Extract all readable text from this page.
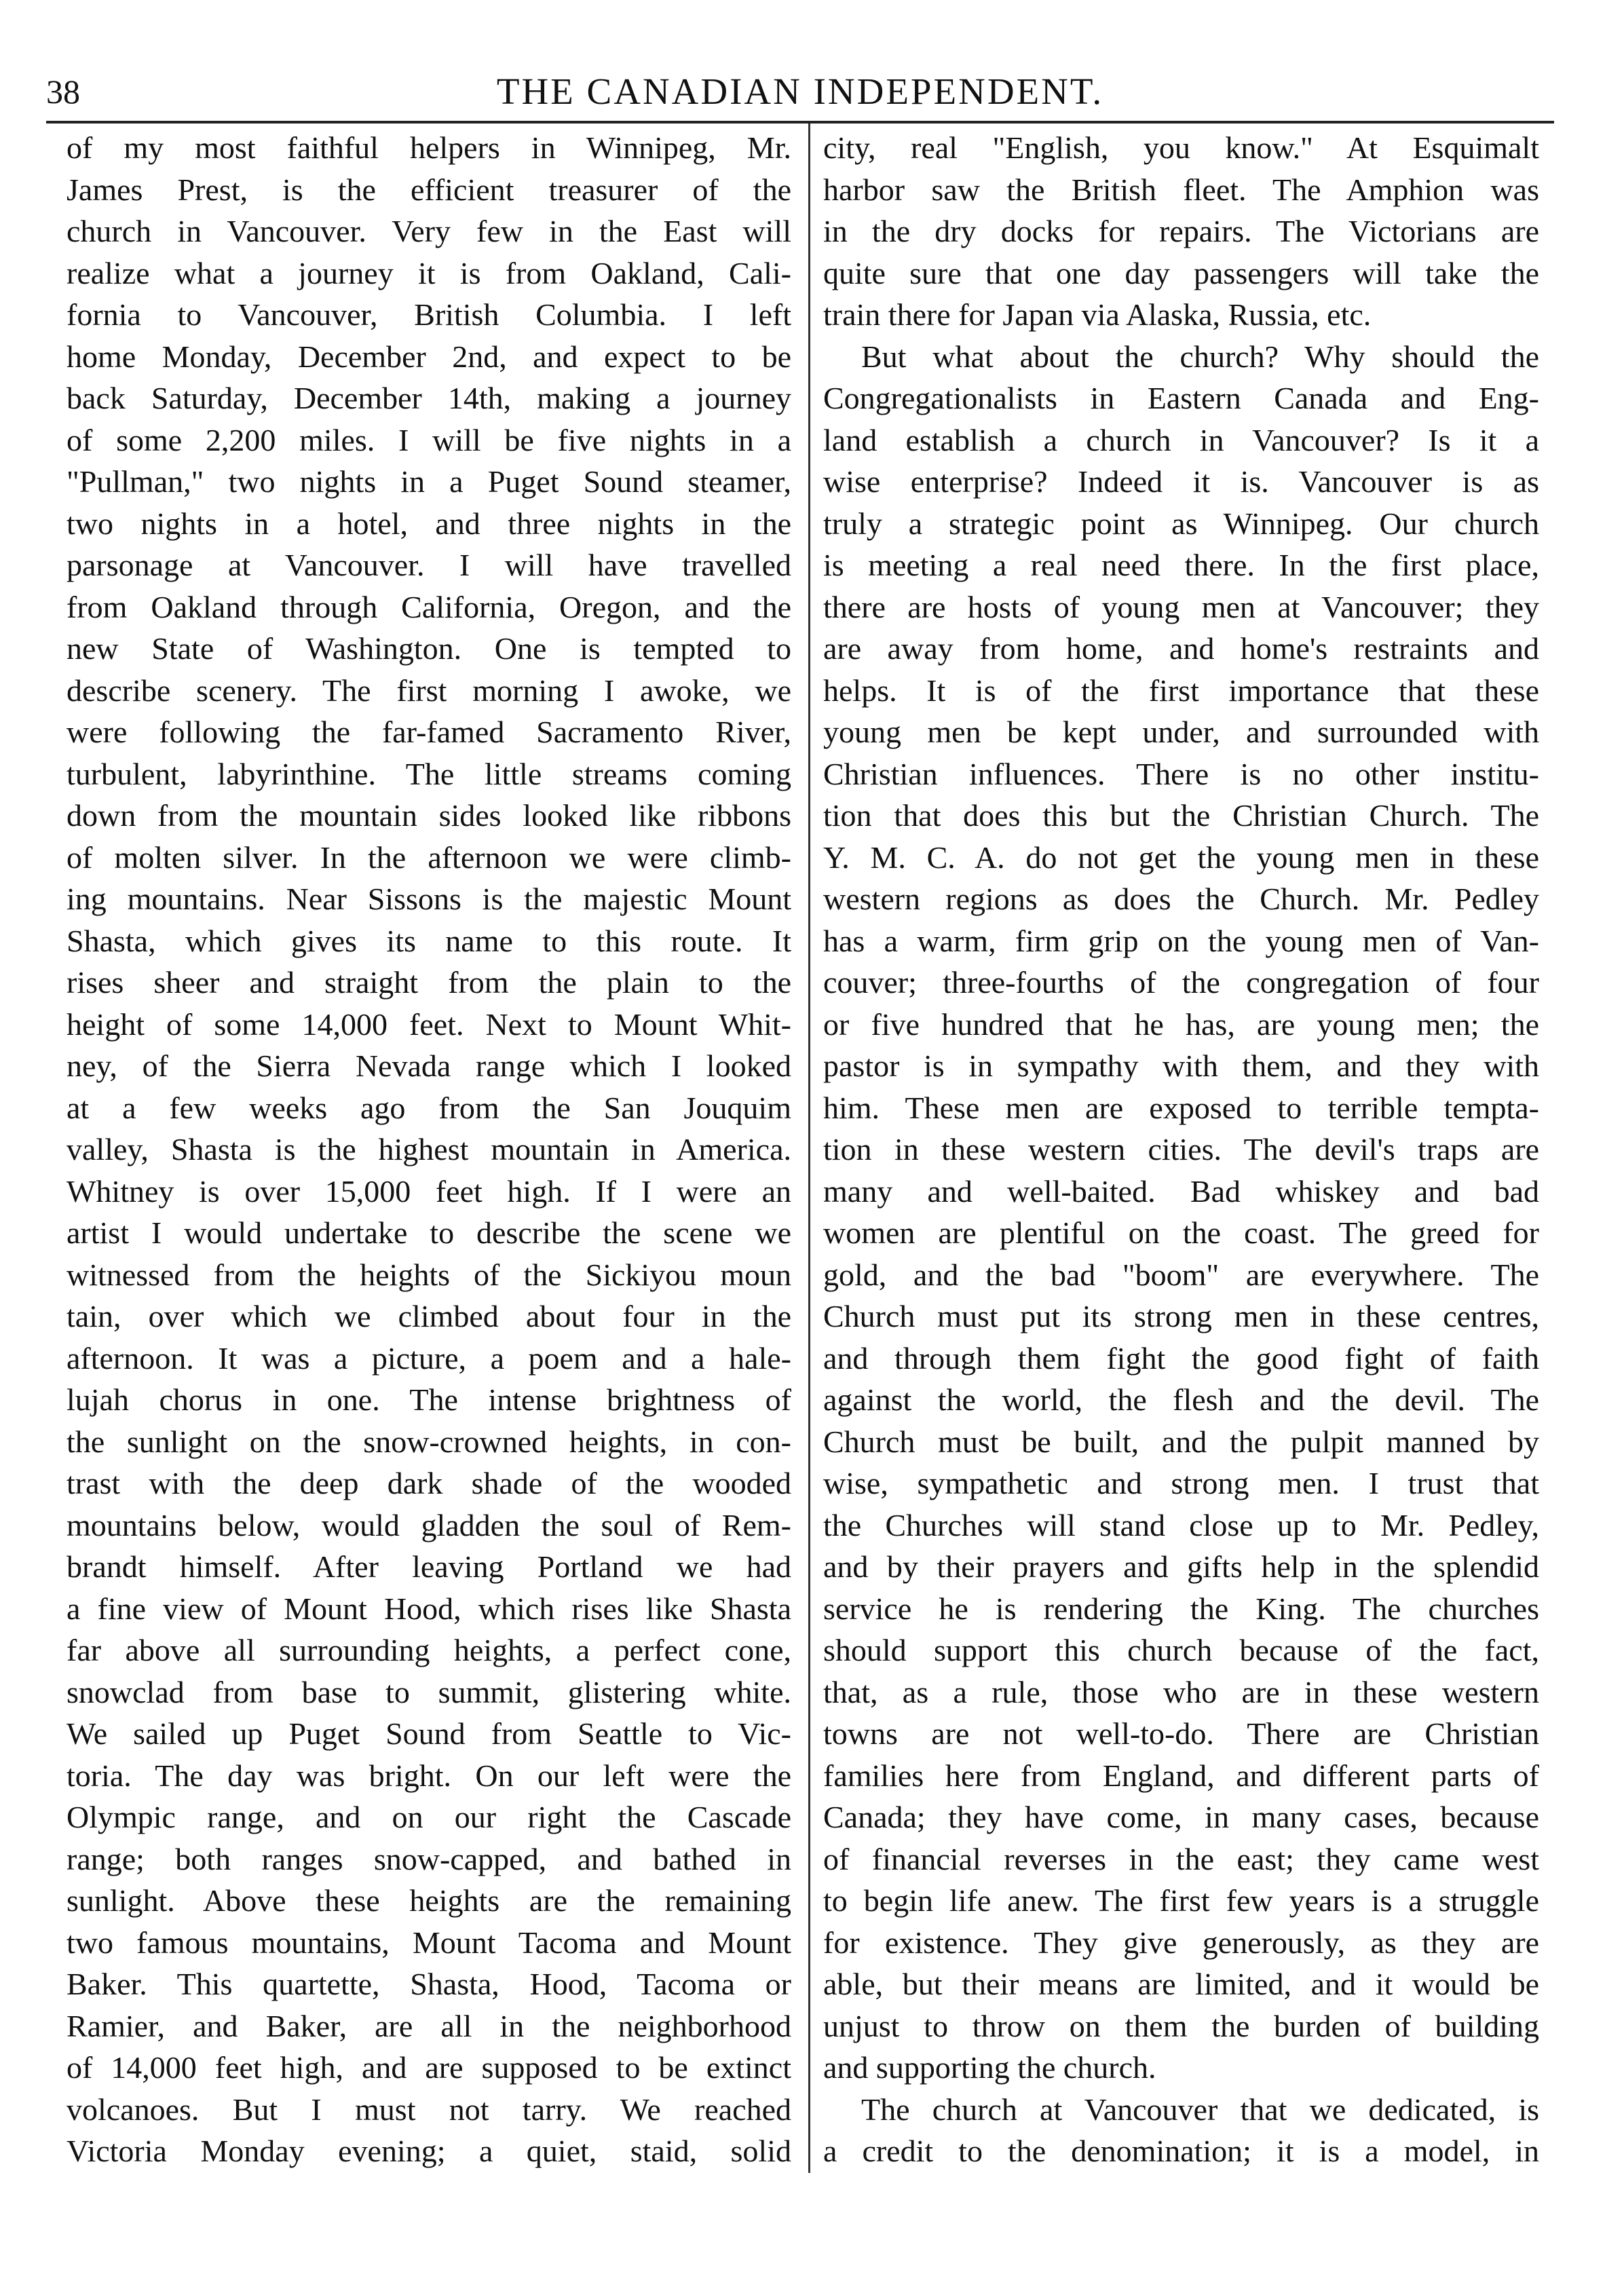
38	THE CANADIAN INDEPENDENT.
of my most faithful helpers in Winnipeg, Mr.
James Prest, is the efficient treasurer of the
church in Vancouver. Very few in the East will
realize what a journey it is from Oakland, Cali-
fornia to Vancouver, British Columbia. I left
home Monday, December 2nd, and expect to be
back Saturday, December 14th, making a journey
of some 2,200 miles. I will be five nights in a
"Pullman," two nights in a Puget Sound steamer,
two nights in a hotel, and three nights in the
parsonage at Vancouver. I will have travelled
from Oakland through California, Oregon, and the
new State of Washington. One is tempted to
describe scenery. The first morning I awoke, we
were following the far-famed Sacramento River,
turbulent, labyrinthine. The little streams coming
down from the mountain sides looked like ribbons
of molten silver. In the afternoon we were climb-
ing mountains. Near Sissons is the majestic Mount
Shasta, which gives its name to this route. It
rises sheer and straight from the plain to the
height of some 14,000 feet. Next to Mount Whit-
ney, of the Sierra Nevada range which I looked
at a few weeks ago from the San Jouquim
valley, Shasta is the highest mountain in America.
Whitney is over 15,000 feet high. If I were an
artist I would undertake to describe the scene we
witnessed from the heights of the Sickiyou moun
tain, over which we climbed about four in the
afternoon. It was a picture, a poem and a hale-
lujah chorus in one. The intense brightness of
the sunlight on the snow-crowned heights, in con-
trast with the deep dark shade of the wooded
mountains below, would gladden the soul of Rem-
brandt himself. After leaving Portland we had
a fine view of Mount Hood, which rises like Shasta
far above all surrounding heights, a perfect cone,
snowclad from base to summit, glistering white.
We sailed up Puget Sound from Seattle to Vic-
toria. The day was bright. On our left were the
Olympic range, and on our right the Cascade
range; both ranges snow-capped, and bathed in
sunlight. Above these heights are the remaining
two famous mountains, Mount Tacoma and Mount
Baker. This quartette, Shasta, Hood, Tacoma or
Ramier, and Baker, are all in the neighborhood
of 14,000 feet high, and are supposed to be extinct
volcanoes. But I must not tarry. We reached
Victoria Monday evening; a quiet, staid, solid
city, real "English, you know." At Esquimalt
harbor saw the British fleet. The Amphion was
in the dry docks for repairs. The Victorians are
quite sure that one day passengers will take the
train there for Japan via Alaska, Russia, etc.
But what about the church? Why should the
Congregationalists in Eastern Canada and Eng-
land establish a church in Vancouver? Is it a
wise enterprise? Indeed it is. Vancouver is as
truly a strategic point as Winnipeg. Our church
is meeting a real need there. In the first place,
there are hosts of young men at Vancouver; they
are away from home, and home's restraints and
helps. It is of the first importance that these
young men be kept under, and surrounded with
Christian influences. There is no other institu-
tion that does this but the Christian Church. The
Y. M. C. A. do not get the young men in these
western regions as does the Church. Mr. Pedley
has a warm, firm grip on the young men of Van-
couver; three-fourths of the congregation of four
or five hundred that he has, are young men; the
pastor is in sympathy with them, and they with
him. These men are exposed to terrible tempta-
tion in these western cities. The devil's traps are
many and well-baited. Bad whiskey and bad
women are plentiful on the coast. The greed for
gold, and the bad "boom" are everywhere. The
Church must put its strong men in these centres,
and through them fight the good fight of faith
against the world, the flesh and the devil. The
Church must be built, and the pulpit manned by
wise, sympathetic and strong men. I trust that
the Churches will stand close up to Mr. Pedley,
and by their prayers and gifts help in the splendid
service he is rendering the King. The churches
should support this church because of the fact,
that, as a rule, those who are in these western
towns are not well-to-do. There are Christian
families here from England, and different parts of
Canada; they have come, in many cases, because
of financial reverses in the east; they came west
to begin life anew. The first few years is a struggle
for existence. They give generously, as they are
able, but their means are limited, and it would be
unjust to throw on them the burden of building
and supporting the church.
The church at Vancouver that we dedicated, is
a credit to the denomination; it is a model, in
